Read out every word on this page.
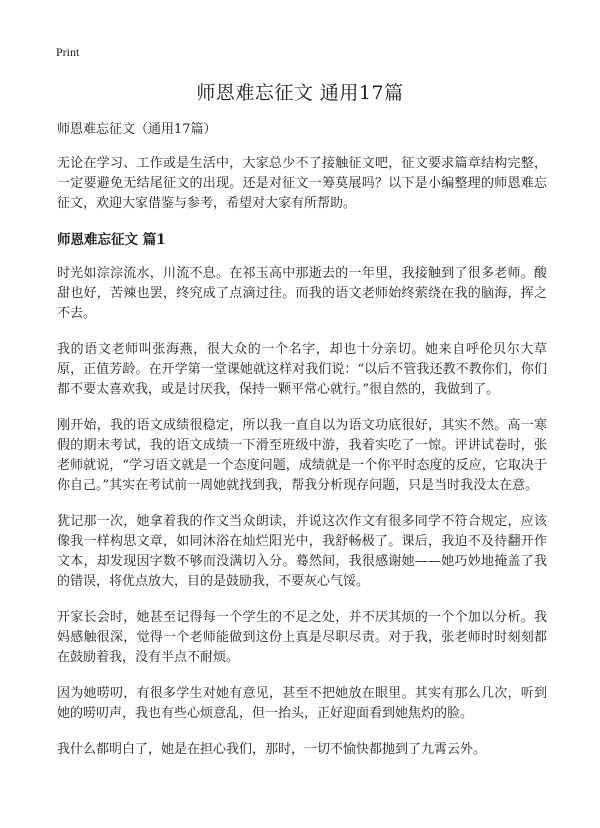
Print
师恩难忘征文 通用17篇

师恩难忘征文（通用17篇）

无论在学习、工作或是生活中，大家总少不了接触征文吧，征文要求篇章结构完整，一定要避免无结尾征文的出现。还是对征文一筹莫展吗？以下是小编整理的师恩难忘征文，欢迎大家借鉴与参考，希望对大家有所帮助。

师恩难忘征文 篇1

时光如淙淙流水，川流不息。在祁玉高中那逝去的一年里，我接触到了很多老师。酸甜也好，苦辣也罢，终究成了点滴过往。而我的语文老师始终萦绕在我的脑海，挥之不去。

我的语文老师叫张海燕，很大众的一个名字，却也十分亲切。她来自呼伦贝尔大草原，正值芳龄。在开学第一堂课她就这样对我们说：“以后不管我还教不教你们，你们都不要太喜欢我，或是讨厌我，保持一颗平常心就行。”很自然的，我做到了。

刚开始，我的语文成绩很稳定，所以我一直自以为语文功底很好，其实不然。高一寒假的期末考试，我的语文成绩一下滑至班级中游，我着实吃了一惊。评讲试卷时，张老师就说，“学习语文就是一个态度问题，成绩就是一个你平时态度的反应，它取决于你自己。”其实在考试前一周她就找到我，帮我分析现存问题，只是当时我没太在意。

犹记那一次，她拿着我的作文当众朗读，并说这次作文有很多同学不符合规定，应该像我一样构思文章，如同沐浴在灿烂阳光中，我舒畅极了。课后，我迫不及待翻开作文本，却发现因字数不够而没满切入分。蓦然间，我很感谢她——她巧妙地掩盖了我的错误，将优点放大，目的是鼓励我，不要灰心气馁。

开家长会时，她甚至记得每一个学生的不足之处，并不厌其烦的一个个加以分析。我妈感触很深，觉得一个老师能做到这份上真是尽职尽责。对于我，张老师时时刻刻都在鼓励着我，没有半点不耐烦。

因为她唠叨，有很多学生对她有意见，甚至不把她放在眼里。其实有那么几次，听到她的唠叨声，我也有些心烦意乱，但一抬头，正好迎面看到她焦灼的脸。

我什么都明白了，她是在担心我们，那时，一切不愉快都抛到了九霄云外。
